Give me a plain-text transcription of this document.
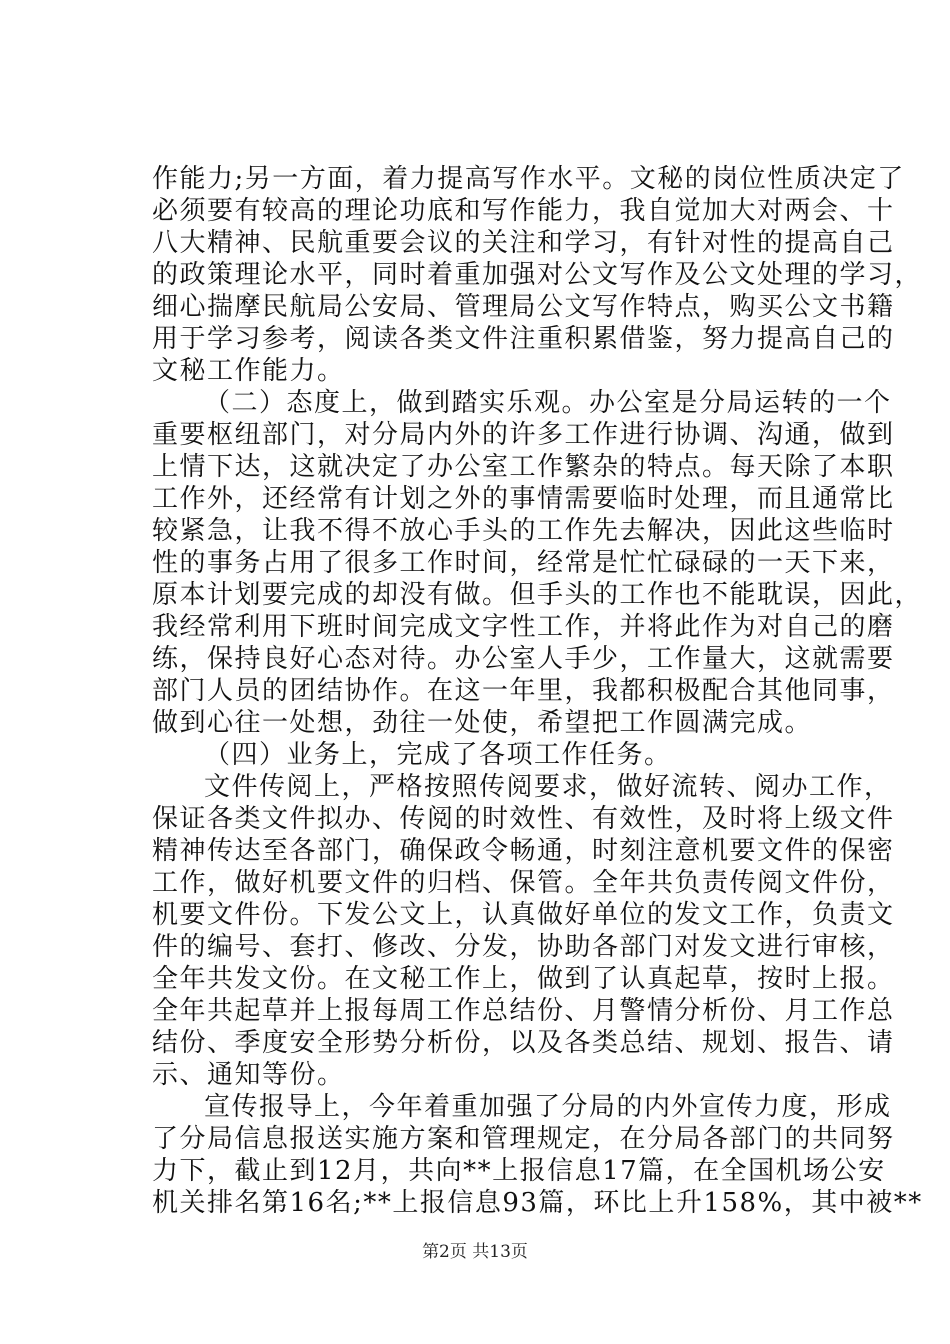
作能力;另一方面，着力提高写作水平。文秘的岗位性质决定了
必须要有较高的理论功底和写作能力，我自觉加大对两会、十
八大精神、民航重要会议的关注和学习，有针对性的提高自己
的政策理论水平，同时着重加强对公文写作及公文处理的学习，
细心揣摩民航局公安局、管理局公文写作特点，购买公文书籍
用于学习参考，阅读各类文件注重积累借鉴，努力提高自己的
文秘工作能力。
（二）态度上，做到踏实乐观。办公室是分局运转的一个
重要枢纽部门，对分局内外的许多工作进行协调、沟通，做到
上情下达，这就决定了办公室工作繁杂的特点。每天除了本职
工作外，还经常有计划之外的事情需要临时处理，而且通常比
较紧急，让我不得不放心手头的工作先去解决，因此这些临时
性的事务占用了很多工作时间，经常是忙忙碌碌的一天下来，
原本计划要完成的却没有做。但手头的工作也不能耽误，因此，
我经常利用下班时间完成文字性工作，并将此作为对自己的磨
练，保持良好心态对待。办公室人手少，工作量大，这就需要
部门人员的团结协作。在这一年里，我都积极配合其他同事，
做到心往一处想，劲往一处使，希望把工作圆满完成。
（四）业务上，完成了各项工作任务。
文件传阅上，严格按照传阅要求，做好流转、阅办工作，
保证各类文件拟办、传阅的时效性、有效性，及时将上级文件
精神传达至各部门，确保政令畅通，时刻注意机要文件的保密
工作，做好机要文件的归档、保管。全年共负责传阅文件份，
机要文件份。下发公文上，认真做好单位的发文工作，负责文
件的编号、套打、修改、分发，协助各部门对发文进行审核，
全年共发文份。在文秘工作上，做到了认真起草，按时上报。
全年共起草并上报每周工作总结份、月警情分析份、月工作总
结份、季度安全形势分析份，以及各类总结、规划、报告、请
示、通知等份。
宣传报导上，今年着重加强了分局的内外宣传力度，形成
了分局信息报送实施方案和管理规定，在分局各部门的共同努
力下，截止到12月，共向**上报信息17篇，在全国机场公安
机关排名第16名;**上报信息93篇，环比上升158%，其中被**
第2页 共13页
